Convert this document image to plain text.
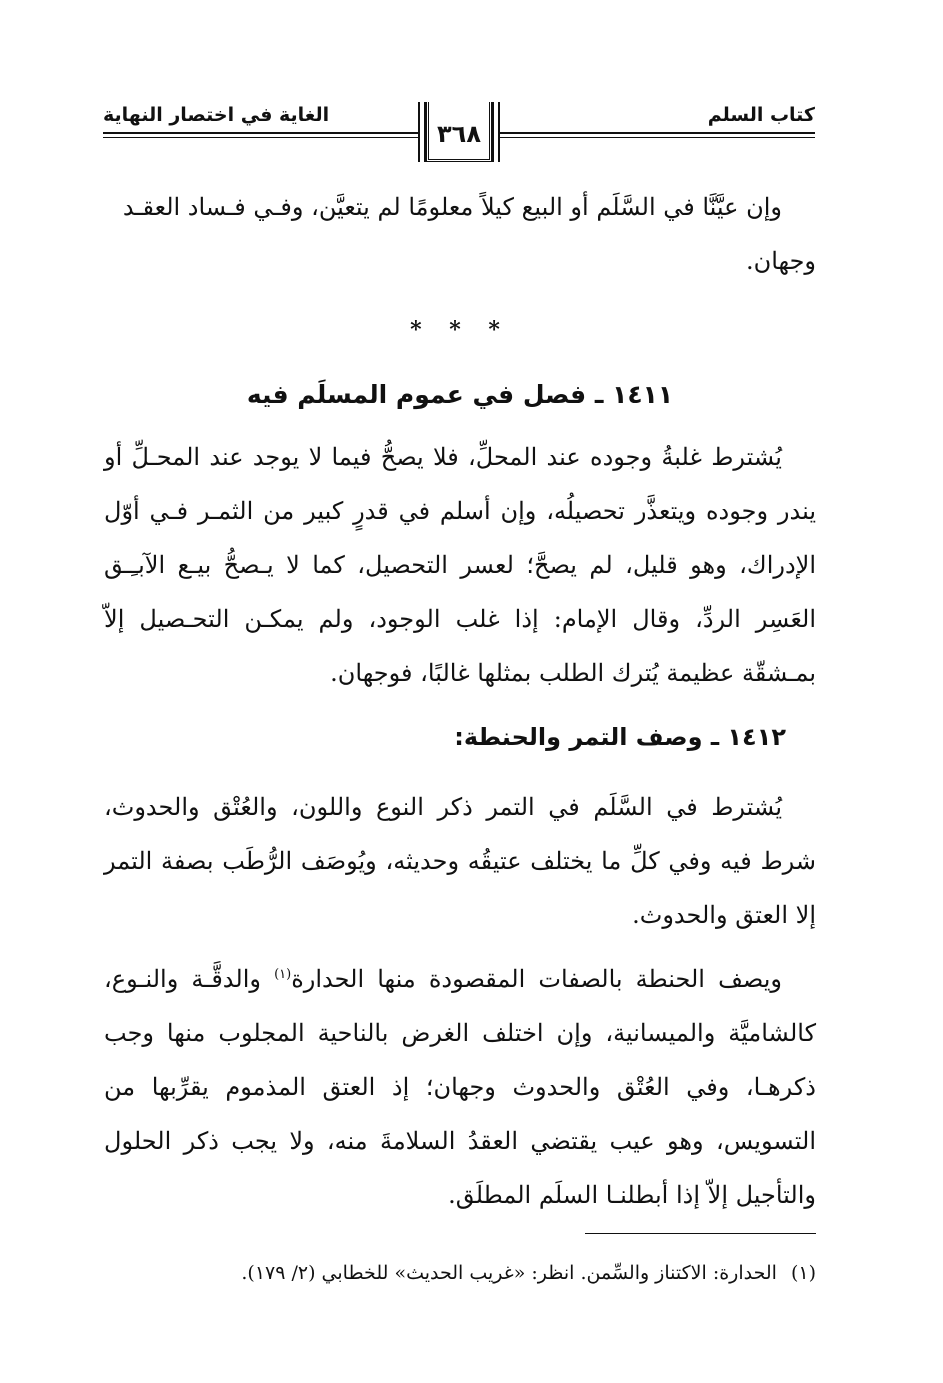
كتاب السلم
الغاية في اختصار النهاية
٣٦٨

وإن عيَّنَّا في السَّلَم أو البيع كيلاً معلومًا لم يتعيَّن، وفـي فـساد العقـد

وجهان.

* * *
١٤١١ ـ فصل في عموم المسلَم فيه

يُشترط غلبةُ وجوده عند المحلِّ، فلا يصحُّ فيما لا يوجد عند المحـلِّ أو يندر وجوده ويتعذَّر تحصيلُه، وإن أسلم في قدرٍ كبير من الثمـر فـي أوّل الإدراك، وهو قليل، لم يصحَّ؛ لعسر التحصيل، كما لا يـصحُّ بيـع الآبـِـق العَسِر الردِّ، وقال الإمام: إذا غلب الوجود، ولم يمكـن التحـصيل إلاّ بمـشقّة عظيمة يُترك الطلب بمثلها غالبًا، فوجهان.

١٤١٢ ـ وصف التمر والحنطة:

يُشترط في السَّلَم في التمر ذكر النوع واللون، والعُتْق والحدوث، شرط فيه وفي كلِّ ما يختلف عتيقُه وحديثه، ويُوصَف الرُّطَب بصفة التمر إلا العتق والحدوث.

ويصف الحنطة بالصفات المقصودة منها الحدارة$^{(١)}$ والدقَّـة والنـوع، كالشاميَّة والميسانية، وإن اختلف الغرض بالناحية المجلوب منها وجب ذكرهـا، وفي العُتْق والحدوث وجهان؛ إذ العتق المذموم يقرِّبها من التسويس، وهو عيب يقتضي العقدُ السلامةَ منه، ولا يجب ذكر الحلول والتأجيل إلاّ إذا أبطلنـا السلَم المطلَق.

(١)الحدارة: الاكتناز والسِّمن. انظر: «غريب الحديث» للخطابي (٢/ ١٧٩).
